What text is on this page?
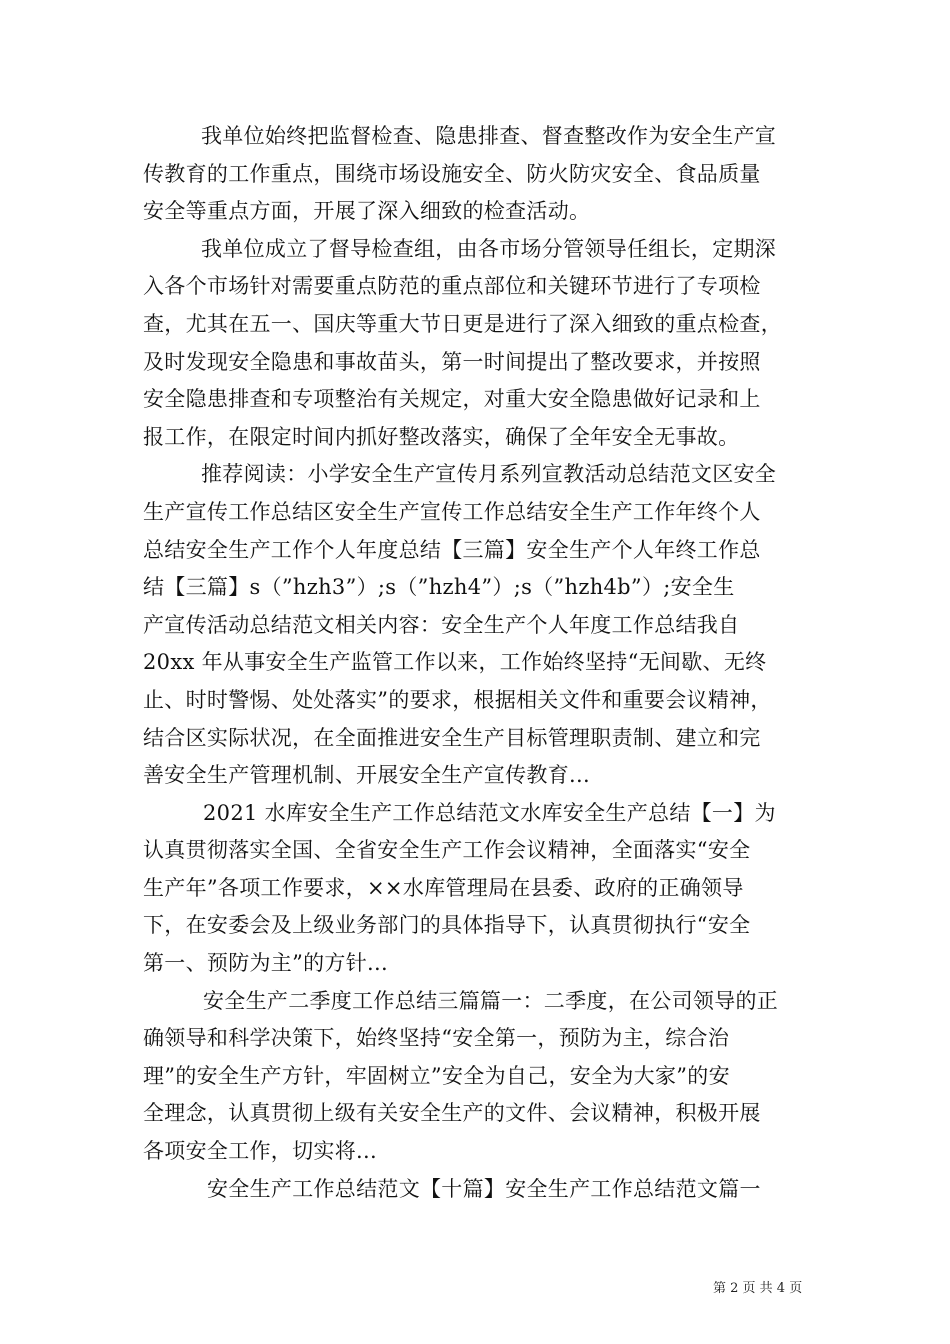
我单位始终把监督检查、隐患排查、督查整改作为安全生产宣
传教育的工作重点，围绕市场设施安全、防火防灾安全、食品质量
安全等重点方面，开展了深入细致的检查活动。

我单位成立了督导检查组，由各市场分管领导任组长，定期深
入各个市场针对需要重点防范的重点部位和关键环节进行了专项检
查，尤其在五一、国庆等重大节日更是进行了深入细致的重点检查，
及时发现安全隐患和事故苗头，第一时间提出了整改要求，并按照
安全隐患排查和专项整治有关规定，对重大安全隐患做好记录和上
报工作，在限定时间内抓好整改落实，确保了全年安全无事故。

推荐阅读：小学安全生产宣传月系列宣教活动总结范文区安全
生产宣传工作总结区安全生产宣传工作总结安全生产工作年终个人
总结安全生产工作个人年度总结【三篇】安全生产个人年终工作总
结【三篇】s（”hzh3”）;s（”hzh4”）;s（”hzh4b”）;安全生
产宣传活动总结范文相关内容：安全生产个人年度工作总结我自
20xx 年从事安全生产监管工作以来，工作始终坚持“无间歇、无终
止、时时警惕、处处落实”的要求，根据相关文件和重要会议精神，
结合区实际状况，在全面推进安全生产目标管理职责制、建立和完
善安全生产管理机制、开展安全生产宣传教育...

2021 水库安全生产工作总结范文水库安全生产总结【一】为
认真贯彻落实全国、全省安全生产工作会议精神，全面落实“安全
生产年”各项工作要求，××水库管理局在县委、政府的正确领导
下，在安委会及上级业务部门的具体指导下，认真贯彻执行“安全
第一、预防为主”的方针...

安全生产二季度工作总结三篇篇一：二季度，在公司领导的正
确领导和科学决策下，始终坚持“安全第一，预防为主，综合治
理”的安全生产方针，牢固树立”安全为自己，安全为大家”的安
全理念，认真贯彻上级有关安全生产的文件、会议精神，积极开展
各项安全工作，切实将...

安全生产工作总结范文【十篇】安全生产工作总结范文篇一

第 2 页 共 4 页
